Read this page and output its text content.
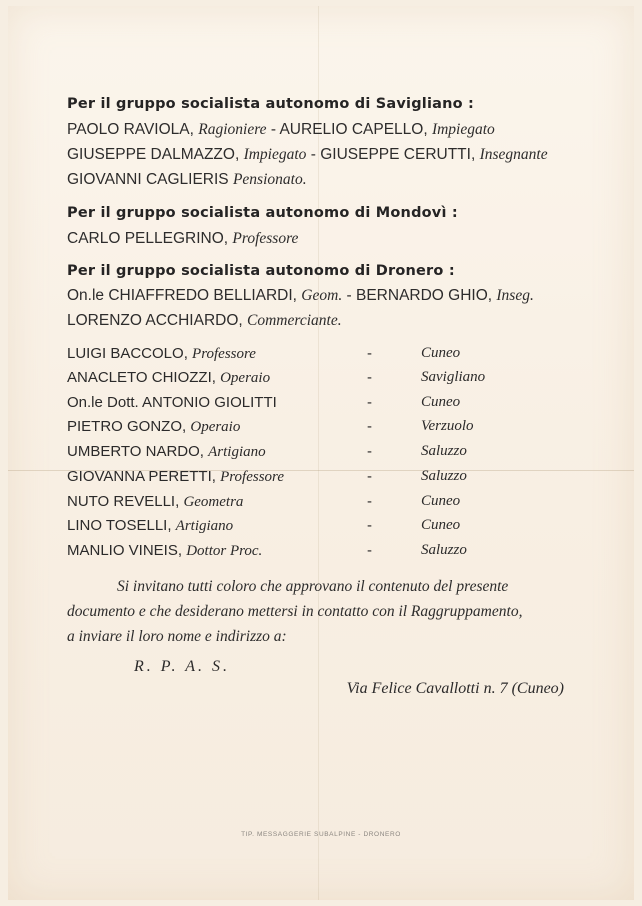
Per il gruppo socialista autonomo di Savigliano :
PAOLO RAVIOLA, Ragioniere - AURELIO CAPELLO, Impiegato
GIUSEPPE DALMAZZO, Impiegato - GIUSEPPE CERUTTI, Insegnante
GIOVANNI CAGLIERIS Pensionato.
Per il gruppo socialista autonomo di Mondovì :
CARLO PELLEGRINO, Professore
Per il gruppo socialista autonomo di Dronero :
On.le CHIAFFREDO BELLIARDI, Geom. - BERNARDO GHIO, Inseg.
LORENZO ACCHIARDO, Commerciante.
LUIGI BACCOLO, Professore	-	Cuneo
ANACLETO CHIOZZI, Operaio	-	Savigliano
On.le Dott. ANTONIO GIOLITTI	-	Cuneo
PIETRO GONZO, Operaio	-	Verzuolo
UMBERTO NARDO, Artigiano	-	Saluzzo
GIOVANNA PERETTI, Professore	-	Saluzzo
NUTO REVELLI, Geometra	-	Cuneo
LINO TOSELLI, Artigiano	-	Cuneo
MANLIO VINEIS, Dottor Proc.	-	Saluzzo
Si invitano tutti coloro che approvano il contenuto del presente
documento e che desiderano mettersi in contatto con il Raggruppamento,
a inviare il loro nome e indirizzo a:
R. P. A. S.
Via Felice Cavallotti n. 7 (Cuneo)
TIP. MESSAGGERIE SUBALPINE - DRONERO
